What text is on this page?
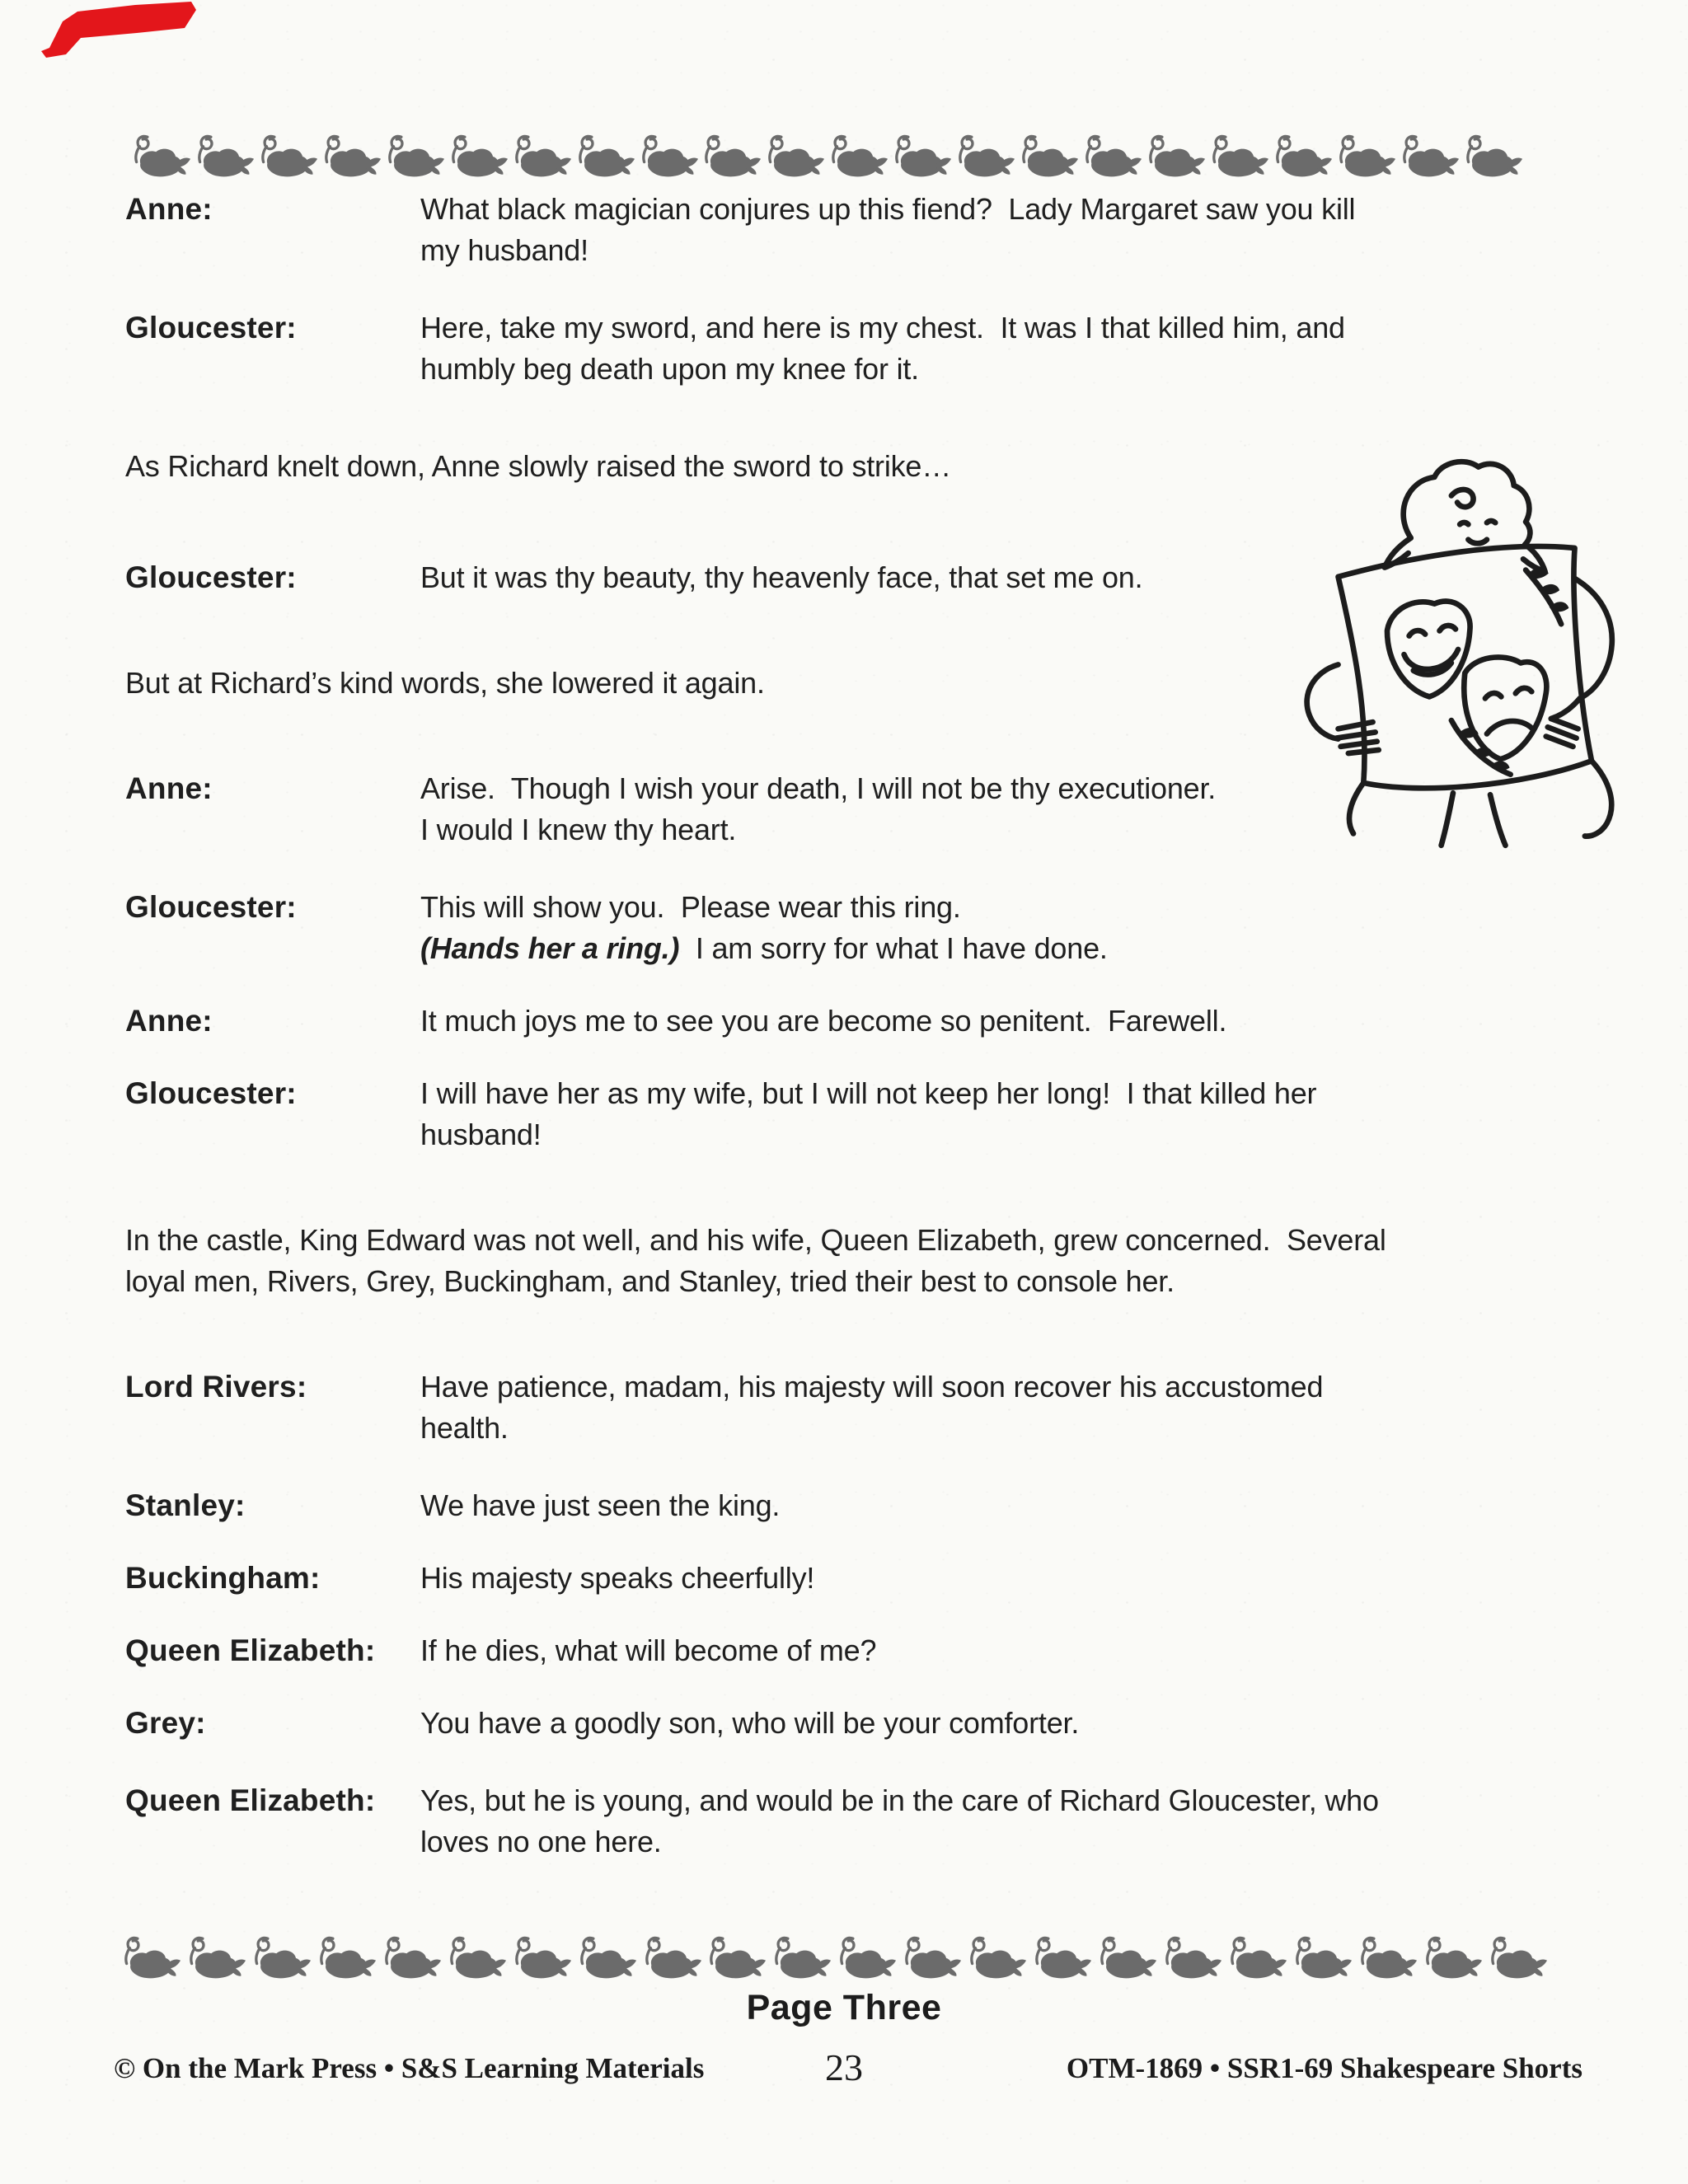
Anne:	What black magician conjures up this fiend?  Lady Margaret saw you kill
my husband!
Gloucester:	Here, take my sword, and here is my chest.  It was I that killed him, and
humbly beg death upon my knee for it.
As Richard knelt down, Anne slowly raised the sword to strike…
Gloucester:	But it was thy beauty, thy heavenly face, that set me on.
But at Richard’s kind words, she lowered it again.
Anne:	Arise.  Though I wish your death, I will not be thy executioner.
I would I knew thy heart.
Gloucester:	This will show you.  Please wear this ring.
(Hands her a ring.)  I am sorry for what I have done.
Anne:	It much joys me to see you are become so penitent.  Farewell.
Gloucester:	I will have her as my wife, but I will not keep her long!  I that killed her
husband!
In the castle, King Edward was not well, and his wife, Queen Elizabeth, grew concerned.  Several
loyal men, Rivers, Grey, Buckingham, and Stanley, tried their best to console her.
Lord Rivers:	Have patience, madam, his majesty will soon recover his accustomed
health.
Stanley:	We have just seen the king.
Buckingham:	His majesty speaks cheerfully!
Queen Elizabeth:	If he dies, what will become of me?
Grey:	You have a goodly son, who will be your comforter.
Queen Elizabeth:	Yes, but he is young, and would be in the care of Richard Gloucester, who
loves no one here.
Page Three
© On the Mark Press • S&S Learning Materials	23	OTM-1869 • SSR1-69 Shakespeare Shorts
